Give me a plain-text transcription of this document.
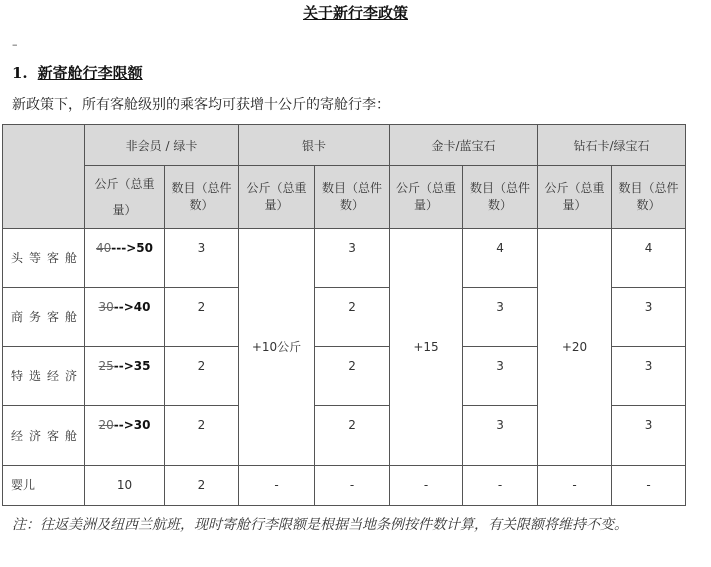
关于新行李政策
–
1. 新寄舱行李限额
新政策下，所有客舱级别的乘客均可获增十公斤的寄舱行李：
	非会员 / 绿卡		银卡		金卡/蓝宝石		钻石卡/绿宝石	
	公斤（总重量）	数目（总件数）	公斤（总重量）	数目（总件数）	公斤（总重量）	数目（总件数）	公斤（总重量）	数目（总件数）
头等客舱	40--->50	3	+10公斤	3	+15	4	+20	4
商务客舱	30-->40	2		2		3		3
特选经济	25-->35	2		2		3		3
经济客舱	20-->30	2		2		3		3
婴儿	10	2	-	-	-	-	-	-
注：往返美洲及纽西兰航班，现时寄舱行李限额是根据当地条例按件数计算，有关限额将维持不变。
